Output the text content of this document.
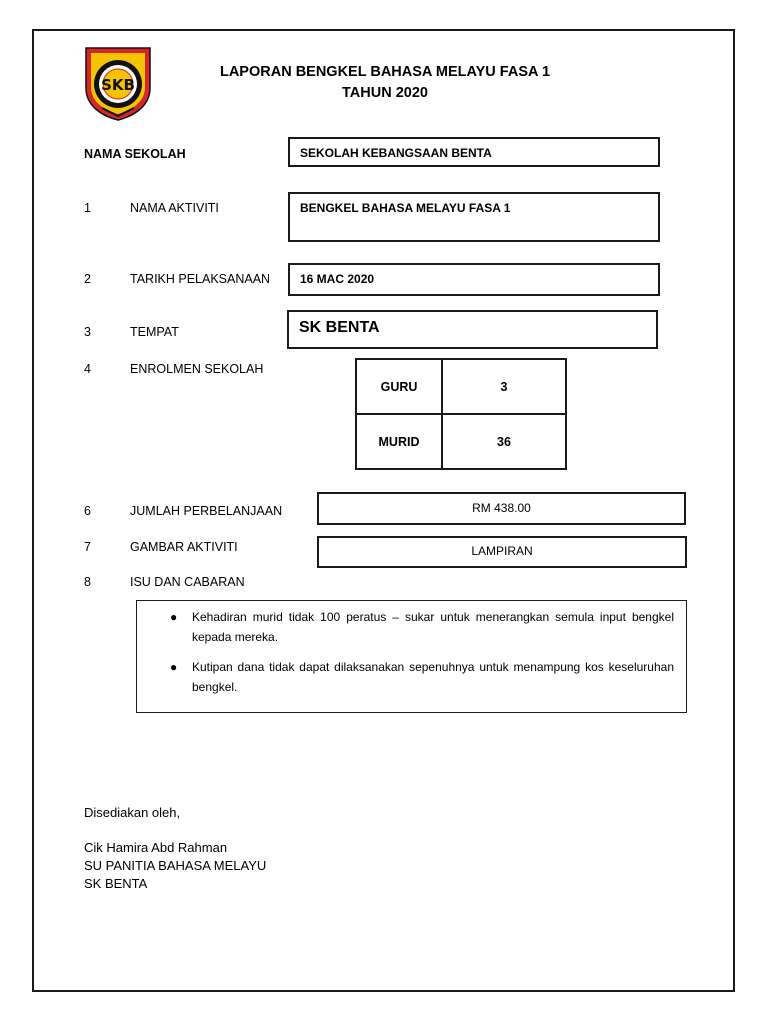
SKB
LAPORAN BENGKEL BAHASA MELAYU FASA 1
TAHUN 2020
NAMA SEKOLAH	SEKOLAH KEBANGSAAN BENTA
1	NAMA AKTIVITI	BENGKEL BAHASA MELAYU FASA 1
2	TARIKH PELAKSANAAN 16 MAC 2020
3	TEMPAT	SK BENTA
4	ENROLMEN SEKOLAH
GURU	3
MURID	36
6	JUMLAH PERBELANJAAN	RM 438.00
7	GAMBAR AKTIVITI	LAMPIRAN
8	ISU DAN CABARAN
● Kehadiran murid tidak 100 peratus – sukar untuk menerangkan semula input bengkel kepada mereka.
● Kutipan dana tidak dapat dilaksanakan sepenuhnya untuk menampung kos keseluruhan bengkel.
Disediakan oleh,
Cik Hamira Abd Rahman
SU PANITIA BAHASA MELAYU
SK BENTA
